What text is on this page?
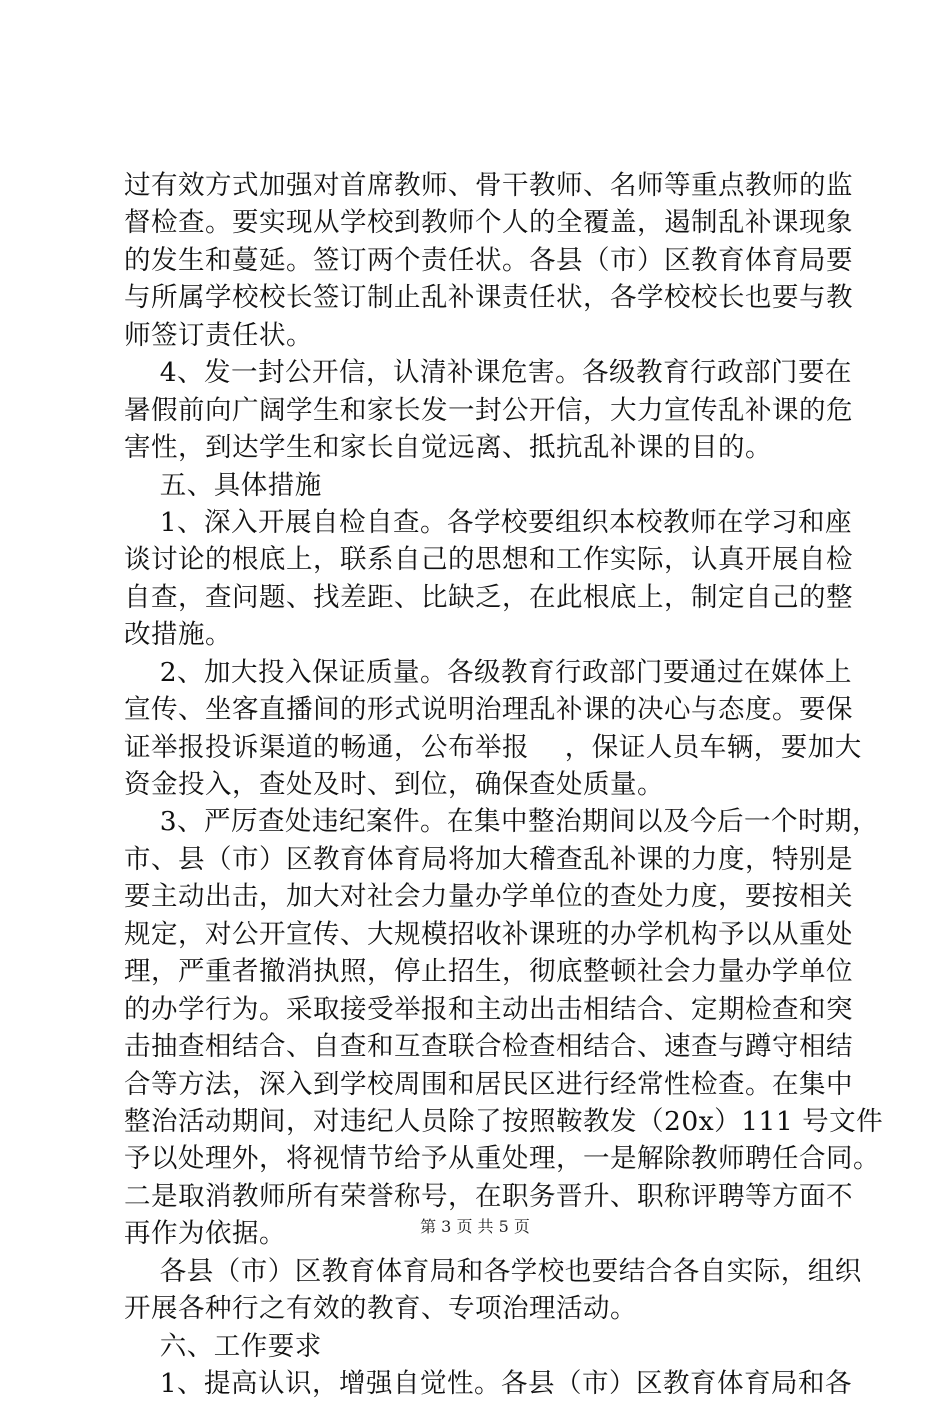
过有效方式加强对首席教师、骨干教师、名师等重点教师的监
督检查。要实现从学校到教师个人的全覆盖，遏制乱补课现象
的发生和蔓延。签订两个责任状。各县（市）区教育体育局要
与所属学校校长签订制止乱补课责任状，各学校校长也要与教
师签订责任状。
4、发一封公开信，认清补课危害。各级教育行政部门要在
暑假前向广阔学生和家长发一封公开信，大力宣传乱补课的危
害性，到达学生和家长自觉远离、抵抗乱补课的目的。
五、具体措施
1、深入开展自检自查。各学校要组织本校教师在学习和座
谈讨论的根底上，联系自己的思想和工作实际，认真开展自检
自查，查问题、找差距、比缺乏，在此根底上，制定自己的整
改措施。
2、加大投入保证质量。各级教育行政部门要通过在媒体上
宣传、坐客直播间的形式说明治理乱补课的决心与态度。要保
证举报投诉渠道的畅通，公布举报    ，保证人员车辆，要加大
资金投入，查处及时、到位，确保查处质量。
3、严厉查处违纪案件。在集中整治期间以及今后一个时期，
市、县（市）区教育体育局将加大稽查乱补课的力度，特别是
要主动出击，加大对社会力量办学单位的查处力度，要按相关
规定，对公开宣传、大规模招收补课班的办学机构予以从重处
理，严重者撤消执照，停止招生，彻底整顿社会力量办学单位
的办学行为。采取接受举报和主动出击相结合、定期检查和突
击抽查相结合、自查和互查联合检查相结合、速查与蹲守相结
合等方法，深入到学校周围和居民区进行经常性检查。在集中
整治活动期间，对违纪人员除了按照鞍教发（20x）111 号文件
予以处理外，将视情节给予从重处理，一是解除教师聘任合同。
二是取消教师所有荣誉称号，在职务晋升、职称评聘等方面不
再作为依据。
各县（市）区教育体育局和各学校也要结合各自实际，组织
开展各种行之有效的教育、专项治理活动。
六、工作要求
1、提高认识，增强自觉性。各县（市）区教育体育局和各
第 3 页 共 5 页
